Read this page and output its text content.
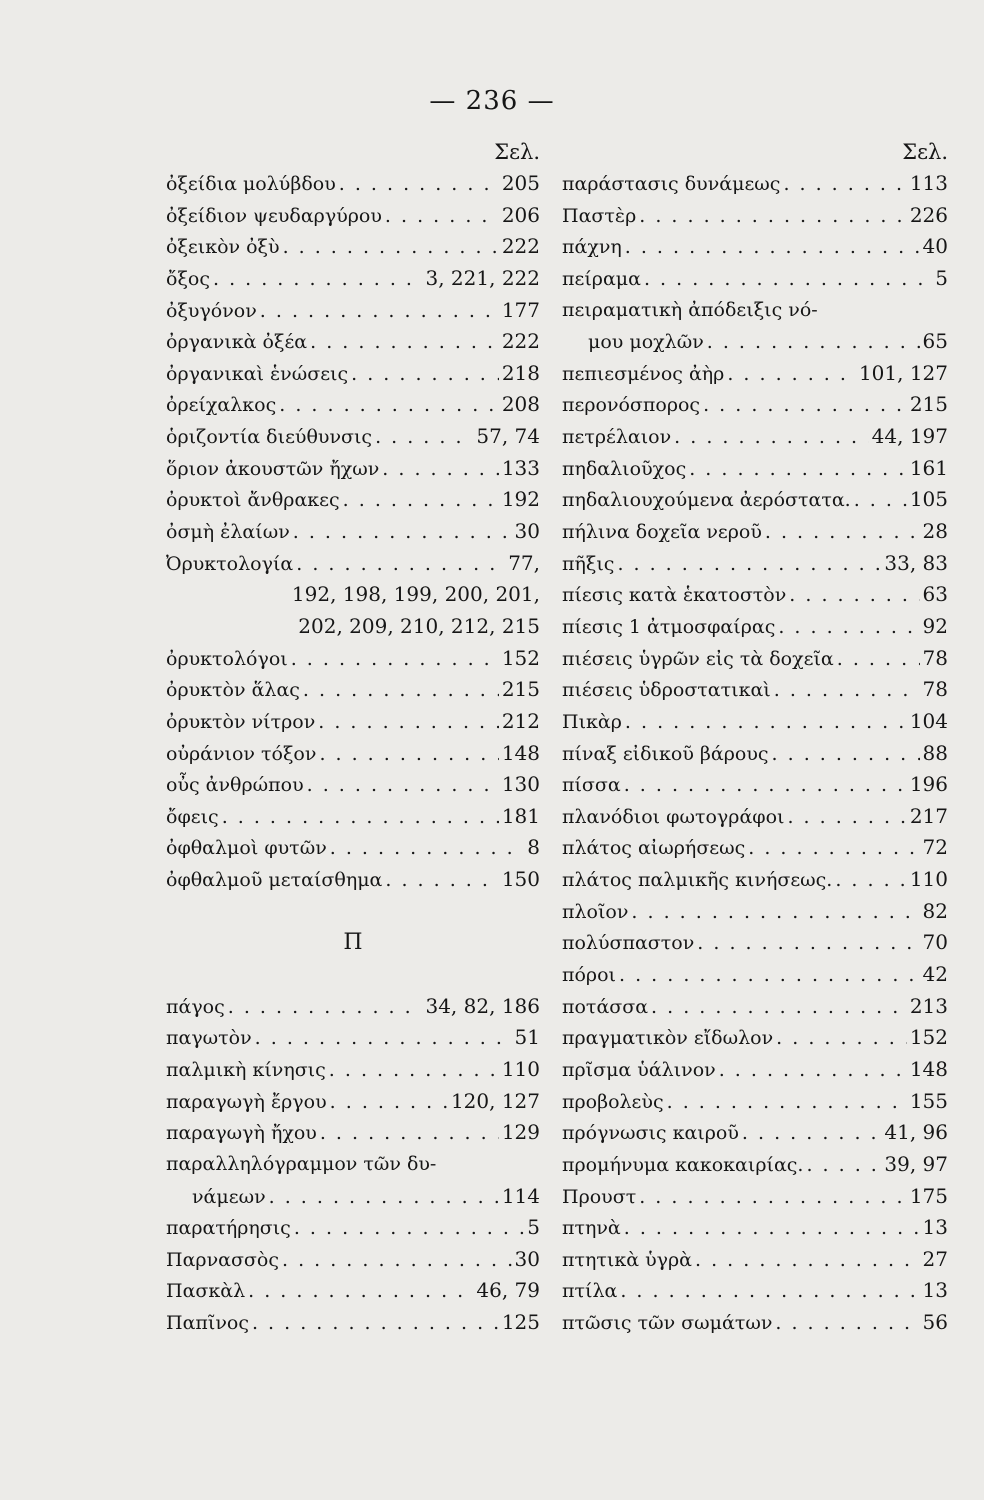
— 236 —
Σελ.
ὀξείδια μολύβδου . . .	205
ὀξείδιον ψευδαργύρου . . .	206
ὀξεικὸν ὀξὺ . . .	222
ὄξος . . .	3, 221, 222
ὀξυγόνον . . .	177
ὀργανικὰ ὀξέα . . .	222
ὀργανικαὶ ἑνώσεις . . .	218
ὀρείχαλκος . . .	208
ὁριζοντία διεύθυνσις . . .	57, 74
ὅριον ἀκουστῶν ἤχων . . .	133
ὀρυκτοὶ ἄνθρακες . . .	192
ὀσμὴ ἐλαίων . . .	30
Ὀρυκτολογία . . .	77,
192, 198, 199, 200, 201,
202, 209, 210, 212, 215
ὀρυκτολόγοι . . .	152
ὀρυκτὸν ἅλας . . .	215
ὀρυκτὸν νίτρον . . .	212
οὐράνιον τόξον . . .	148
οὖς ἀνθρώπου . . .	130
ὄφεις . . .	181
ὀφθαλμοὶ φυτῶν . . .	8
ὀφθαλμοῦ μεταίσθημα . . .	150
Π
πάγος . . .	34, 82, 186
παγωτὸν . . .	51
παλμικὴ κίνησις . . .	110
παραγωγὴ ἔργου . . .	120, 127
παραγωγὴ ἤχου . . .	129
παραλληλόγραμμον τῶν δυ-
νάμεων . . .	114
παρατήρησις . . .	5
Παρνασσὸς . . .	30
Πασκὰλ . . .	46, 79
Παπῖνος . . .	125
Σελ.
παράστασις δυνάμεως . . .	113
Παστὲρ . . .	226
πάχνη . . .	40
πείραμα . . .	5
πειραματικὴ ἀπόδειξις νό-
μου μοχλῶν . . .	65
πεπιεσμένος ἀὴρ . . .	101, 127
περονόσπορος . . .	215
πετρέλαιον . . .	44, 197
πηδαλιοῦχος . . .	161
πηδαλιουχούμενα ἀερόστατα. . . .	105
πήλινα δοχεῖα νεροῦ . . .	28
πῆξις . . .	33, 83
πίεσις κατὰ ἑκατοστὸν . . .	63
πίεσις 1 ἀτμοσφαίρας . . .	92
πιέσεις ὑγρῶν εἰς τὰ δοχεῖα . . .	78
πιέσεις ὑδροστατικαὶ . . .	78
Πικὰρ . . .	104
πίναξ εἰδικοῦ βάρους . . .	88
πίσσα . . .	196
πλανόδιοι φωτογράφοι . . .	217
πλάτος αἰωρήσεως . . .	72
πλάτος παλμικῆς κινήσεως. . . .	110
πλοῖον . . .	82
πολύσπαστον . . .	70
πόροι . . .	42
ποτάσσα . . .	213
πραγματικὸν εἴδωλον . . .	152
πρῖσμα ὑάλινον . . .	148
προβολεὺς . . .	155
πρόγνωσις καιροῦ . . .	41, 96
προμήνυμα κακοκαιρίας. . . .	39, 97
Προυστ . . .	175
πτηνὰ . . .	13
πτητικὰ ὑγρὰ . . .	27
πτίλα . . .	13
πτῶσις τῶν σωμάτων . . .	56
